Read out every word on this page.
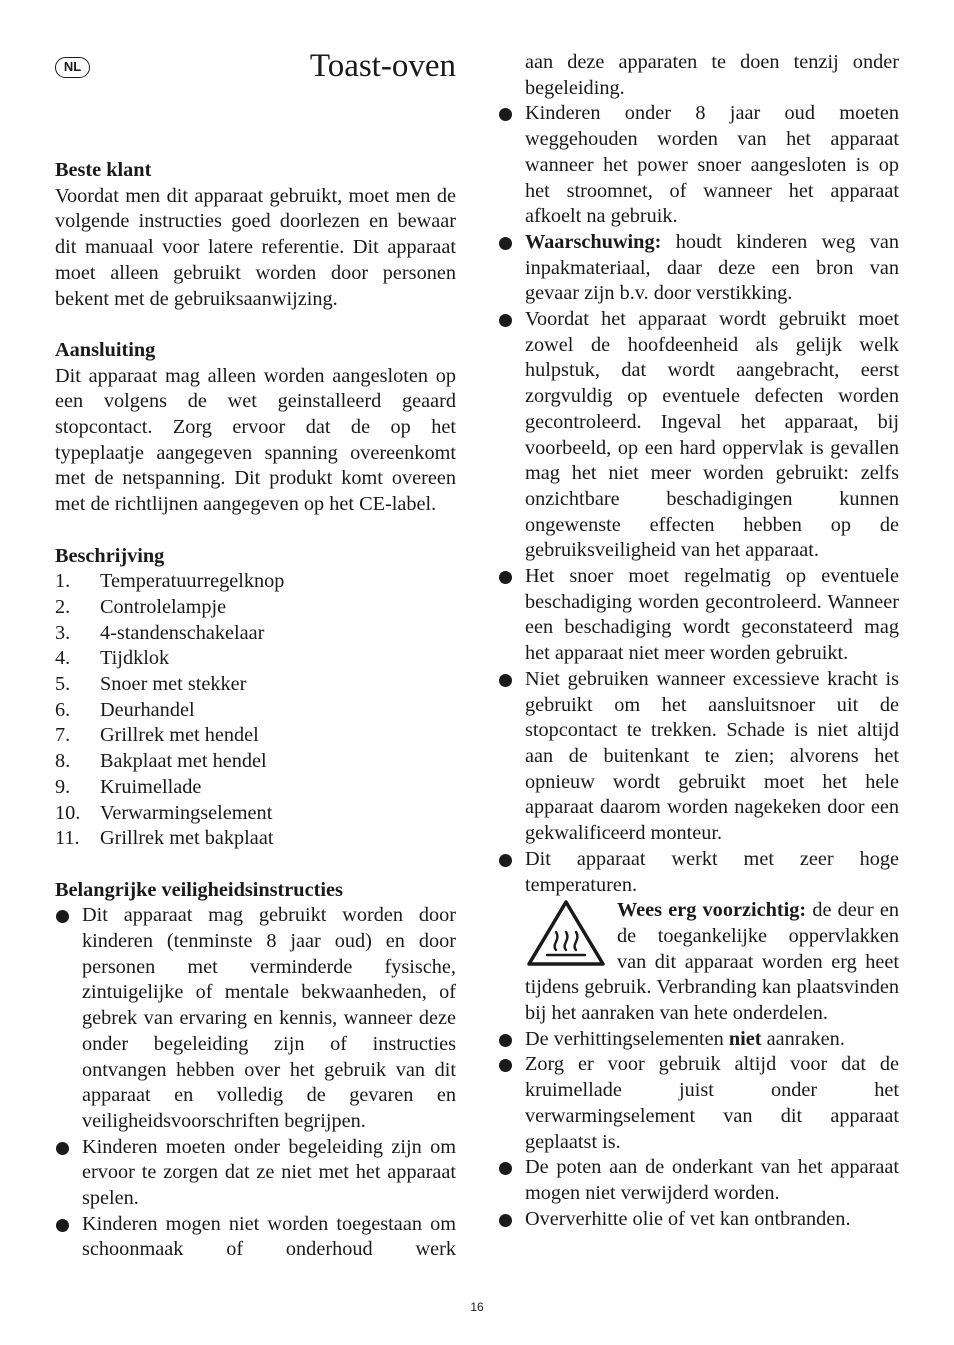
NL	Toast-oven

Beste klant

Voordat men dit apparaat gebruikt, moet men de volgende instructies goed doorlezen en bewaar dit manuaal voor latere referentie. Dit apparaat moet alleen gebruikt worden door personen bekent met de gebruiksaanwijzing.

Aansluiting

Dit apparaat mag alleen worden aangesloten op een volgens de wet geinstalleerd geaard stopcontact. Zorg ervoor dat de op het typeplaatje aangegeven spanning overeenkomt met de netspanning. Dit produkt komt overeen met de richtlijnen aangegeven op het CE-label.

Beschrijving

1. Temperatuurregelknop
2. Controlelampje
3. 4-standenschakelaar
4. Tijdklok
5. Snoer met stekker
6. Deurhandel
7. Grillrek met hendel
8. Bakplaat met hendel
9. Kruimellade
10. Verwarmingselement
11. Grillrek met bakplaat

Belangrijke veiligheidsinstructies

Dit apparaat mag gebruikt worden door kinderen (tenminste 8 jaar oud) en door personen met verminderde fysische, zintuigelijke of mentale bekwaanheden, of gebrek van ervaring en kennis, wanneer deze onder begeleiding zijn of instructies ontvangen hebben over het gebruik van dit apparaat en volledig de gevaren en veiligheidsvoorschriften begrijpen.
Kinderen moeten onder begeleiding zijn om ervoor te zorgen dat ze niet met het apparaat spelen.
Kinderen mogen niet worden toegestaan om schoonmaak of onderhoud werk

aan deze apparaten te doen tenzij onder begeleiding.

Kinderen onder 8 jaar oud moeten weggehouden worden van het apparaat wanneer het power snoer aangesloten is op het stroomnet, of wanneer het apparaat afkoelt na gebruik.
Waarschuwing: houdt kinderen weg van inpakmateriaal, daar deze een bron van gevaar zijn b.v. door verstikking.
Voordat het apparaat wordt gebruikt moet zowel de hoofdeenheid als gelijk welk hulpstuk, dat wordt aangebracht, eerst zorgvuldig op eventuele defecten worden gecontroleerd. Ingeval het apparaat, bij voorbeeld, op een hard oppervlak is gevallen mag het niet meer worden gebruikt: zelfs onzichtbare beschadigingen kunnen ongewenste effecten hebben op de gebruiksveiligheid van het apparaat.
Het snoer moet regelmatig op eventuele beschadiging worden gecontroleerd. Wanneer een beschadiging wordt geconstateerd mag het apparaat niet meer worden gebruikt.
Niet gebruiken wanneer excessieve kracht is gebruikt om het aansluitsnoer uit de stopcontact te trekken. Schade is niet altijd aan de buitenkant te zien; alvorens het opnieuw wordt gebruikt moet het hele apparaat daarom worden nagekeken door een gekwalificeerd monteur.
Dit apparaat werkt met zeer hoge temperaturen.
Wees erg voorzichtig: de deur en de toegankelijke oppervlakken van dit apparaat worden erg heet tijdens gebruik. Verbranding kan plaatsvinden bij het aanraken van hete onderdelen.
De verhittingselementen niet aanraken.
Zorg er voor gebruik altijd voor dat de kruimellade juist onder het verwarmingselement van dit apparaat geplaatst is.
De poten aan de onderkant van het apparaat mogen niet verwijderd worden.
Oververhitte olie of vet kan ontbranden.
16
